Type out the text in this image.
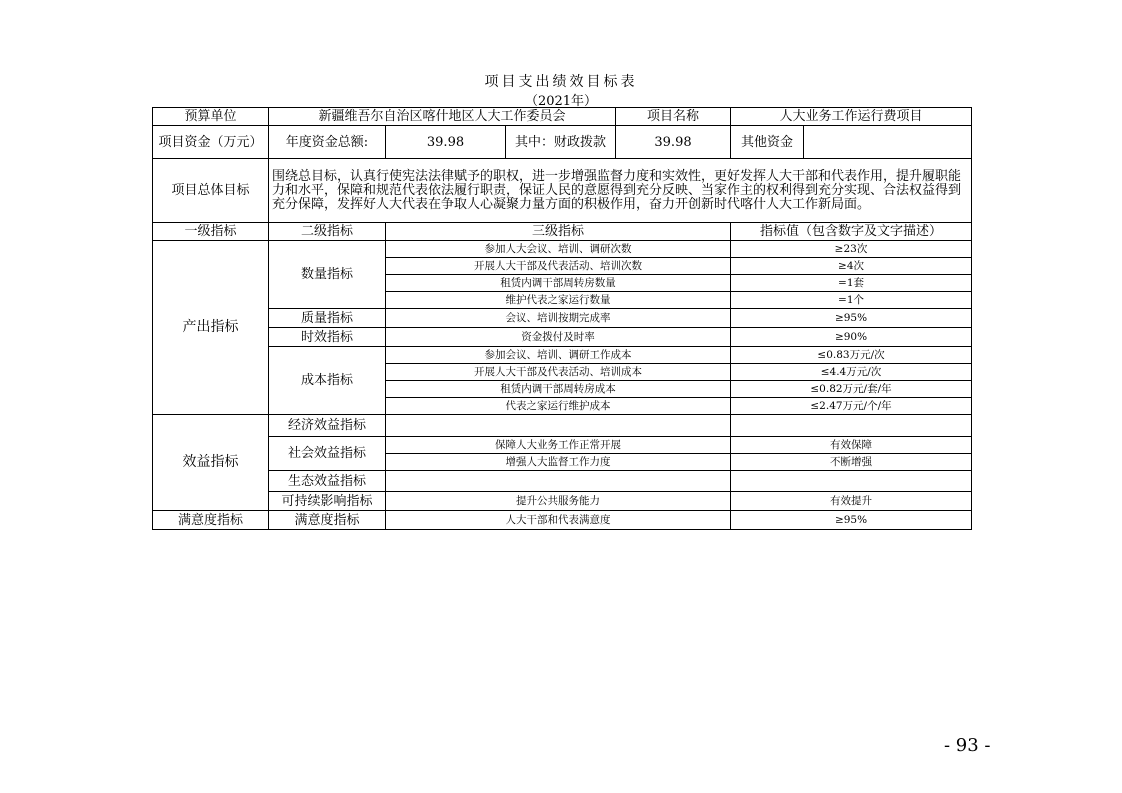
项目支出绩效目标表
（2021年）
预算单位	新疆维吾尔自治区喀什地区人大工作委员会			项目名称	人大业务工作运行费项目	
项目资金（万元）	年度资金总额:	39.98	其中：财政拨款	39.98	其他资金	
项目总体目标	围绕总目标，认真行使宪法法律赋予的职权，进一步增强监督力度和实效性，更好发挥人大干部和代表作用，提升履职能力和水平，保障和规范代表依法履行职责，保证人民的意愿得到充分反映、当家作主的权利得到充分实现、合法权益得到充分保障，发挥好人大代表在争取人心凝聚力量方面的积极作用，奋力开创新时代喀什人大工作新局面。					
一级指标	二级指标	三级指标			指标值（包含数字及文字描述）	
产出指标	数量指标	参加人大会议、培训、调研次数			≥23次	
		开展人大干部及代表活动、培训次数			≥4次	
		租赁内调干部周转房数量			=1套	
		维护代表之家运行数量			=1个	
	质量指标	会议、培训按期完成率			≥95%	
	时效指标	资金拨付及时率			≥90%	
	成本指标	参加会议、培训、调研工作成本			≤0.83万元/次	
		开展人大干部及代表活动、培训成本			≤4.4万元/次	
		租赁内调干部周转房成本			≤0.82万元/套/年	
		代表之家运行维护成本			≤2.47万元/个/年	
效益指标	经济效益指标					
	社会效益指标	保障人大业务工作正常开展			有效保障	
		增强人大监督工作力度			不断增强	
	生态效益指标					
	可持续影响指标	提升公共服务能力			有效提升	
满意度指标	满意度指标	人大干部和代表满意度			≥95%	
- 93 -
